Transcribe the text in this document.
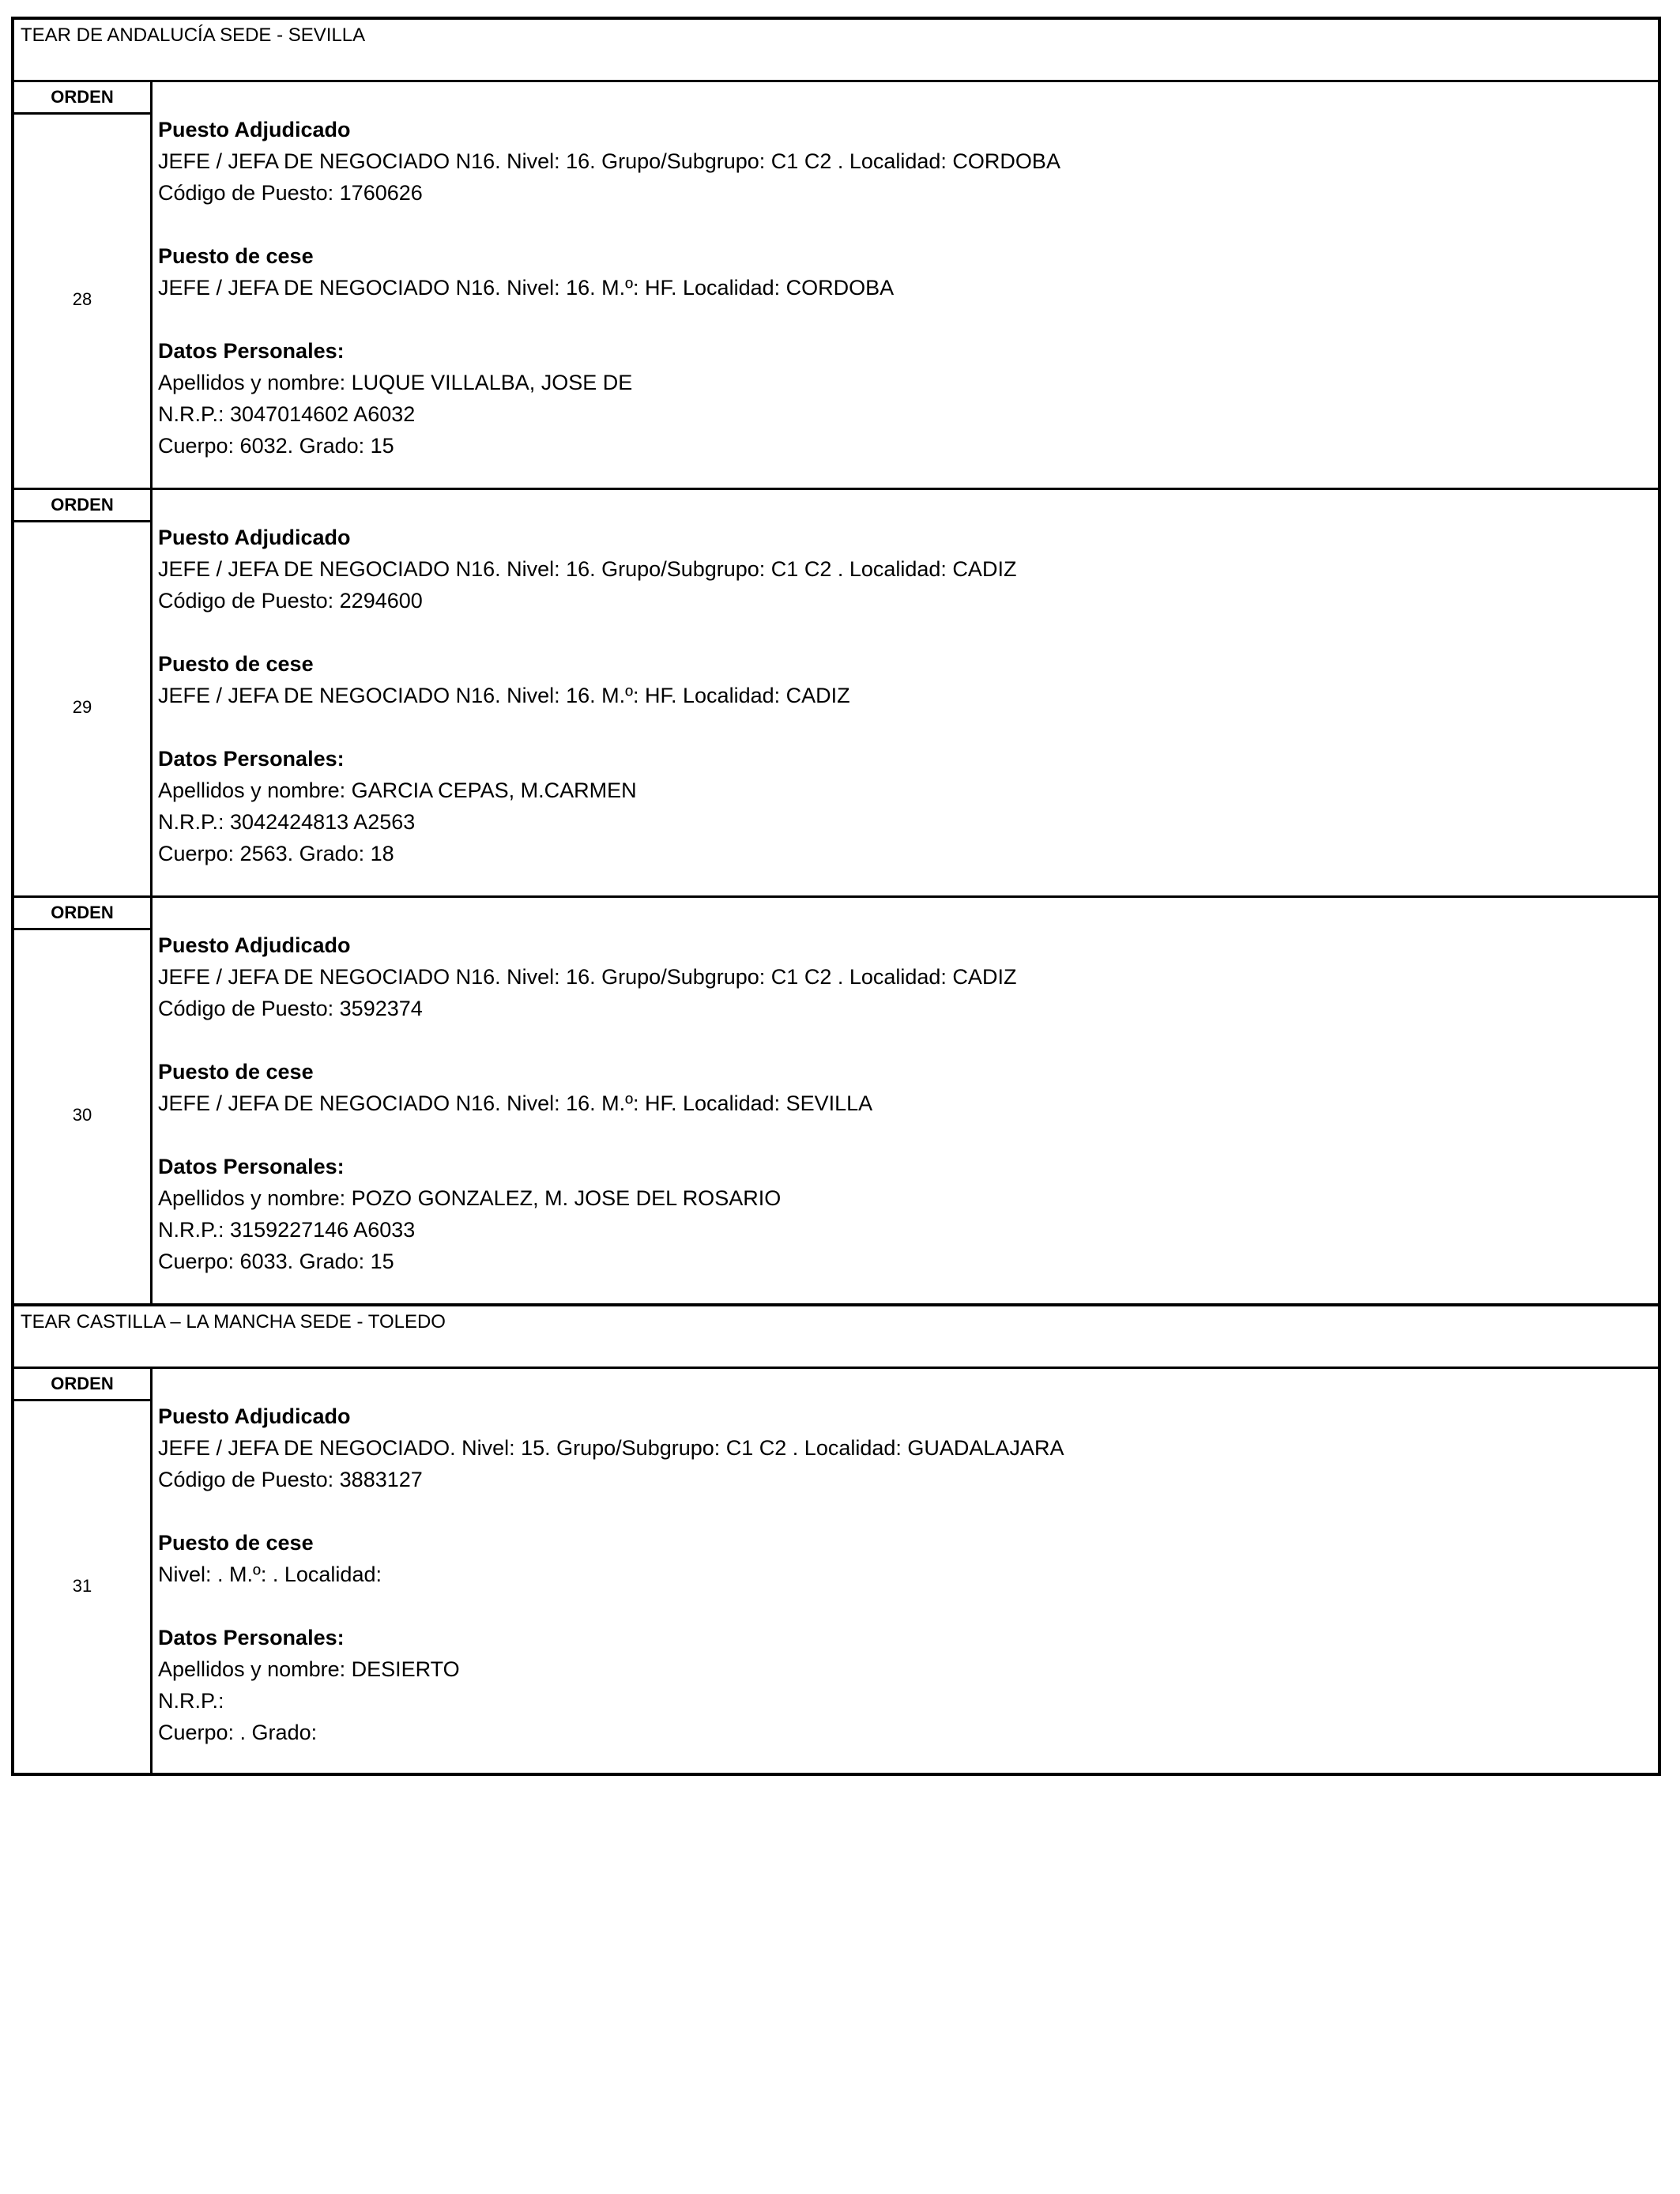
TEAR DE ANDALUCÍA SEDE - SEVILLA
ORDEN
28
Puesto Adjudicado
JEFE / JEFA DE NEGOCIADO N16. Nivel: 16. Grupo/Subgrupo: C1 C2 . Localidad: CORDOBA
Código de Puesto: 1760626
Puesto de cese
JEFE / JEFA DE NEGOCIADO N16. Nivel: 16. M.º: HF. Localidad: CORDOBA
Datos Personales:
Apellidos y nombre: LUQUE VILLALBA, JOSE DE
N.R.P.: 3047014602 A6032
Cuerpo: 6032. Grado: 15
ORDEN
29
Puesto Adjudicado
JEFE / JEFA DE NEGOCIADO N16. Nivel: 16. Grupo/Subgrupo: C1 C2 . Localidad: CADIZ
Código de Puesto: 2294600
Puesto de cese
JEFE / JEFA DE NEGOCIADO N16. Nivel: 16. M.º: HF. Localidad: CADIZ
Datos Personales:
Apellidos y nombre: GARCIA CEPAS, M.CARMEN
N.R.P.: 3042424813 A2563
Cuerpo: 2563. Grado: 18
ORDEN
30
Puesto Adjudicado
JEFE / JEFA DE NEGOCIADO N16. Nivel: 16. Grupo/Subgrupo: C1 C2 . Localidad: CADIZ
Código de Puesto: 3592374
Puesto de cese
JEFE / JEFA DE NEGOCIADO N16. Nivel: 16. M.º: HF. Localidad: SEVILLA
Datos Personales:
Apellidos y nombre: POZO GONZALEZ, M. JOSE DEL ROSARIO
N.R.P.: 3159227146 A6033
Cuerpo: 6033. Grado: 15
TEAR CASTILLA – LA MANCHA SEDE - TOLEDO
ORDEN
31
Puesto Adjudicado
JEFE / JEFA DE NEGOCIADO. Nivel: 15. Grupo/Subgrupo: C1 C2 . Localidad: GUADALAJARA
Código de Puesto: 3883127
Puesto de cese
Nivel: . M.º: . Localidad:
Datos Personales:
Apellidos y nombre: DESIERTO
N.R.P.:
Cuerpo: . Grado:
